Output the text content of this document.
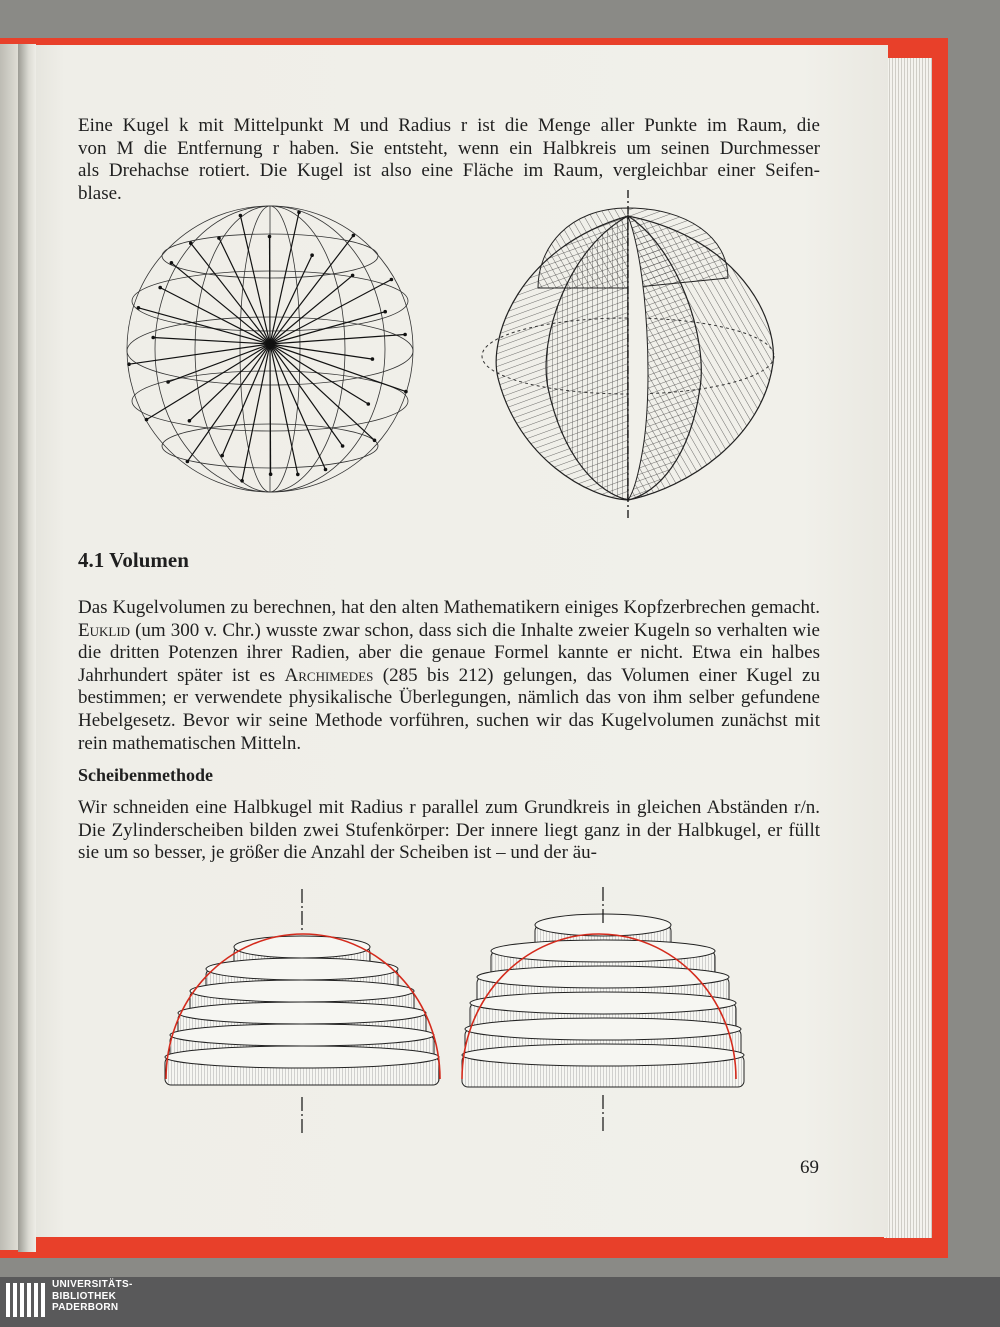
Eine Kugel k mit Mittelpunkt M und Radius r ist die Menge aller Punkte im Raum, die
von M die Entfernung r haben. Sie entsteht, wenn ein Halbkreis um seinen Durchmesser
als Drehachse rotiert. Die Kugel ist also eine Fläche im Raum, vergleichbar einer Seifen-
blase.

4.1 Volumen

Das Kugelvolumen zu berechnen, hat den alten Mathematikern einiges Kopfzerbrechen gemacht. Euklid (um 300 v. Chr.) wusste zwar schon, dass sich die Inhalte zweier Kugeln so verhalten wie die dritten Potenzen ihrer Radien, aber die genaue Formel kannte er nicht. Etwa ein halbes Jahrhundert später ist es Archimedes (285 bis 212) gelungen, das Volumen einer Kugel zu bestimmen; er verwendete physikalische Überlegungen, nämlich das von ihm selber gefundene Hebelgesetz. Bevor wir seine Methode vorführen, suchen wir das Kugelvolumen zunächst mit rein mathematischen Mitteln.

Scheibenmethode

Wir schneiden eine Halbkugel mit Radius r parallel zum Grundkreis in gleichen Abständen r/n. Die Zylinderscheiben bilden zwei Stufenkörper: Der innere liegt ganz in der Halbkugel, er füllt sie um so besser, je größer die Anzahl der Scheiben ist – und der äu-

69
UNIVERSITÄTS-
BIBLIOTHEK
PADERBORN
